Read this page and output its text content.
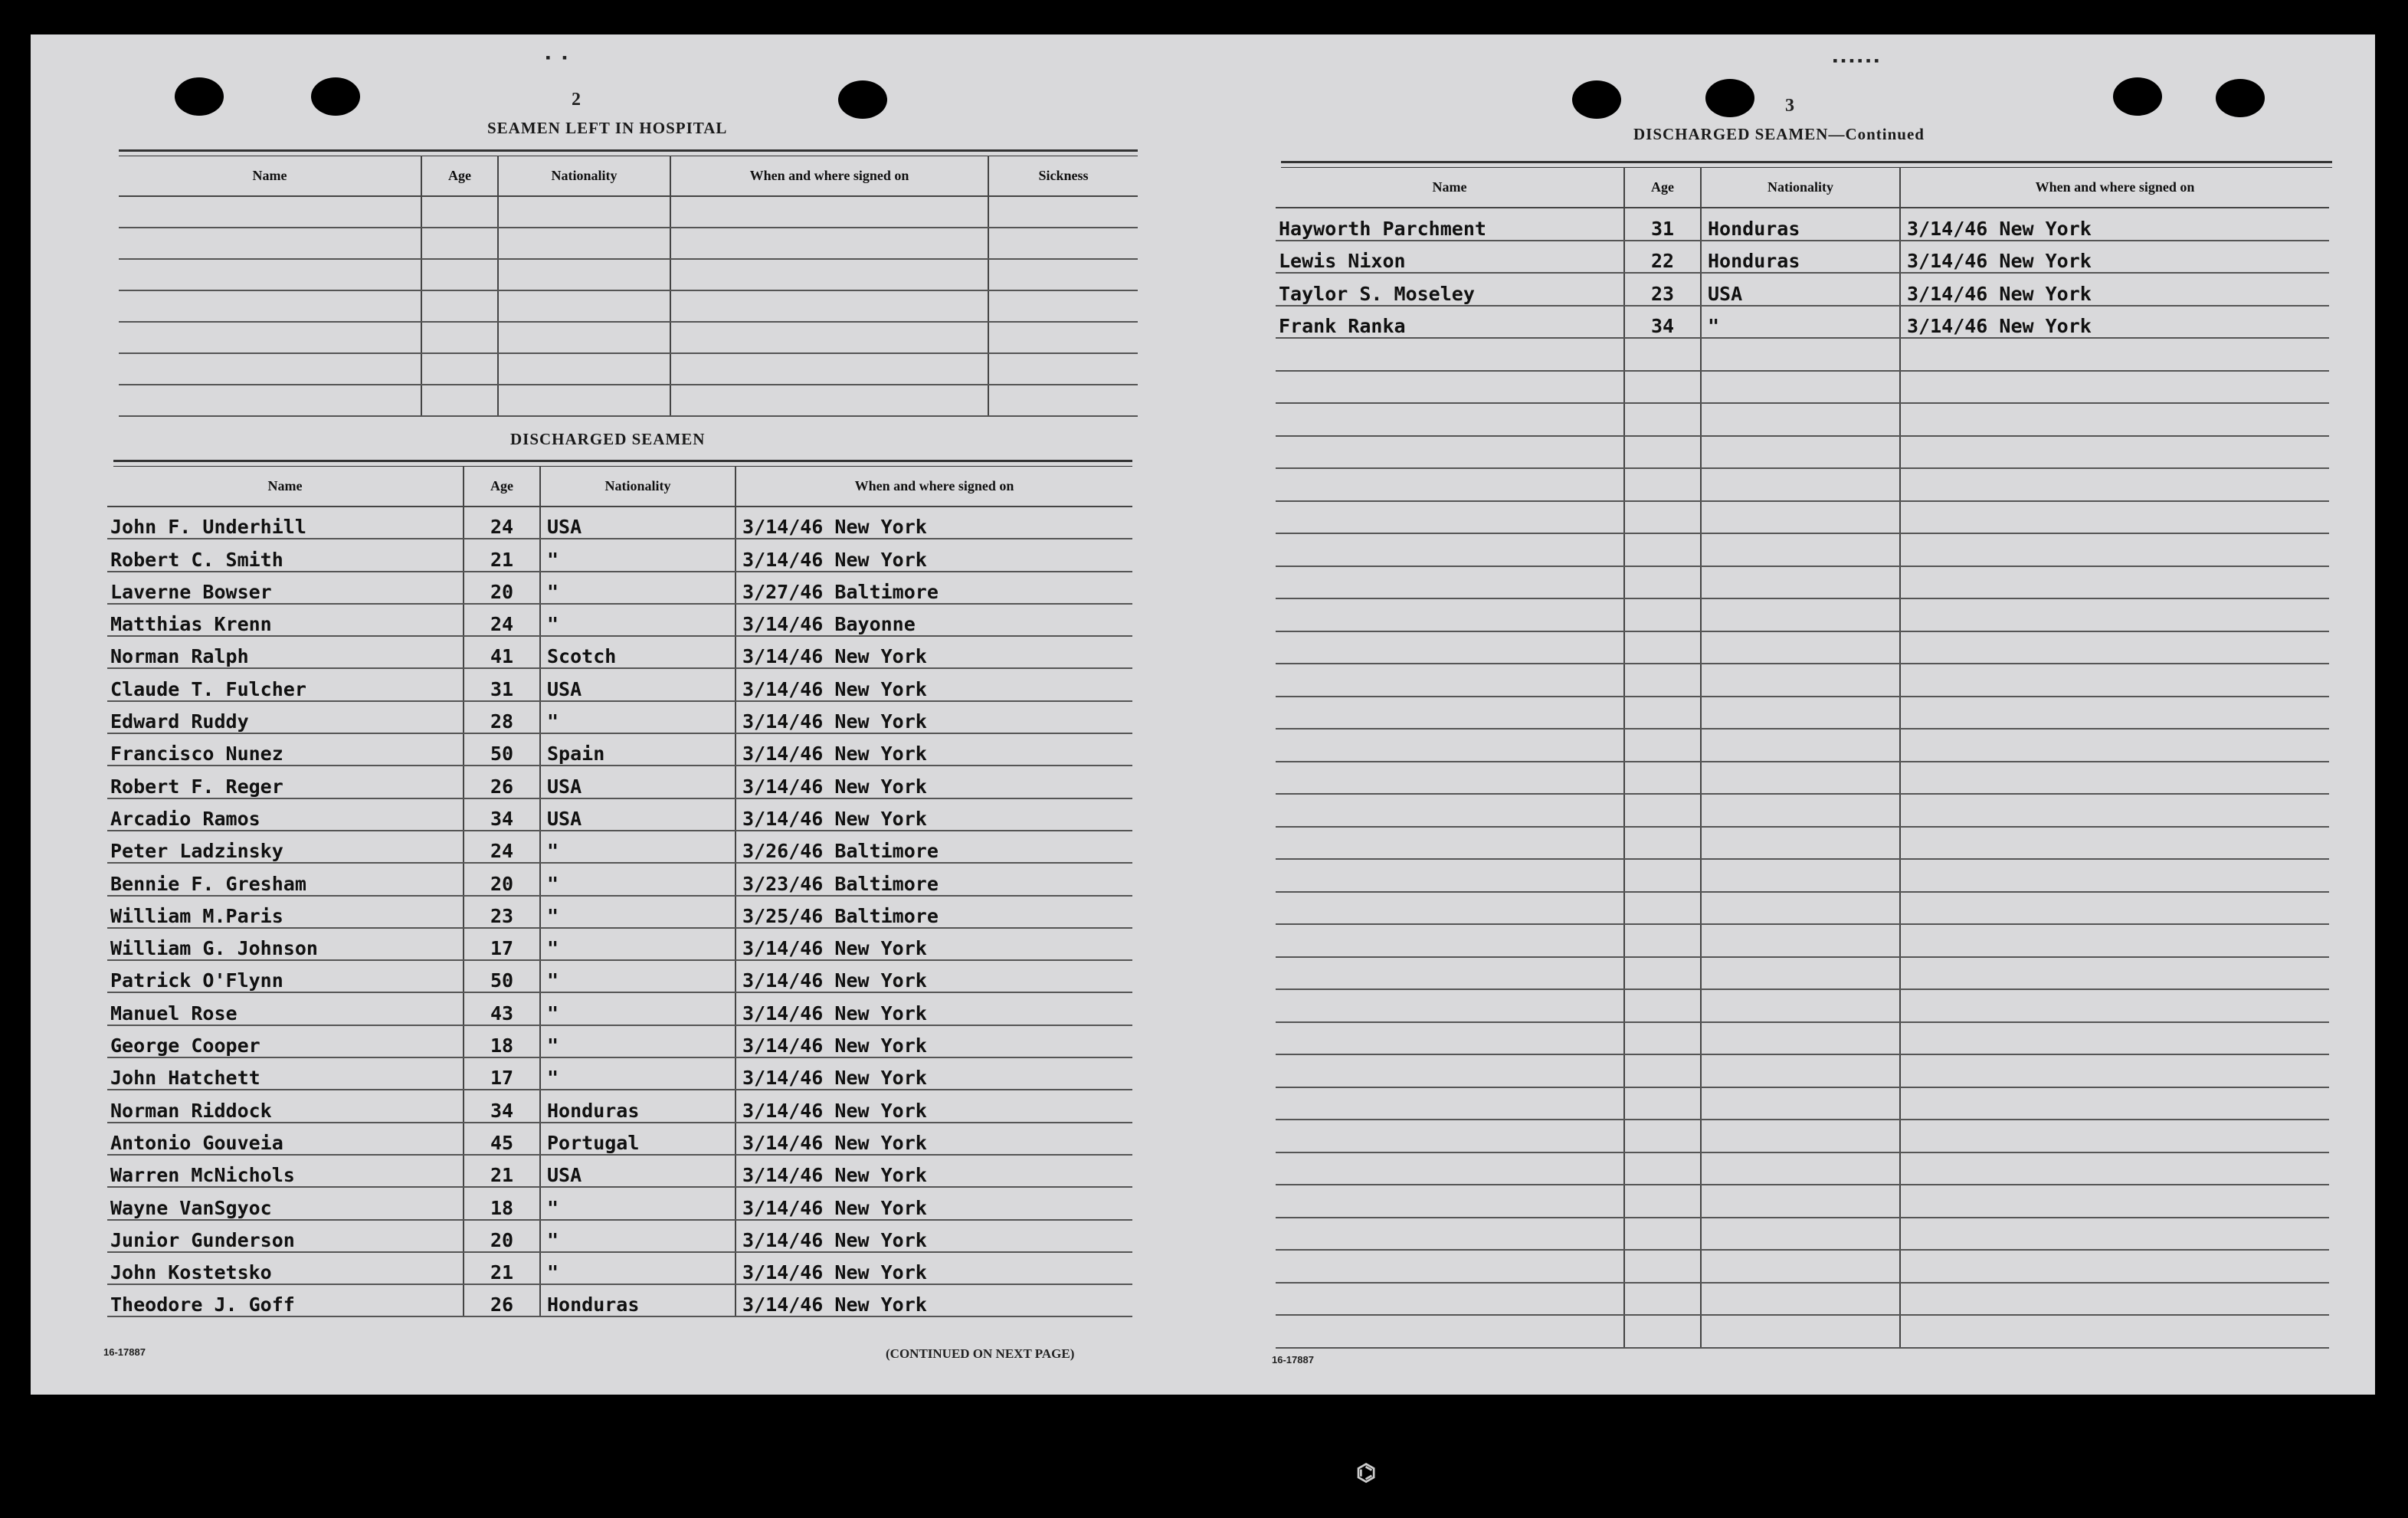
▪ ▪	▪▪▪▪▪▪
2
SEAMEN LEFT IN HOSPITAL
Name	Age	Nationality	When and where signed on	Sickness

DISCHARGED SEAMEN
Name	Age	Nationality	When and where signed on
John F. Underhill	24	USA	3/14/46 New York
Robert C. Smith	21	"	3/14/46 New York
Laverne Bowser	20	"	3/27/46 Baltimore
Matthias Krenn	24	"	3/14/46 Bayonne
Norman Ralph	41	Scotch	3/14/46 New York
Claude T. Fulcher	31	USA	3/14/46 New York
Edward Ruddy	28	"	3/14/46 New York
Francisco Nunez	50	Spain	3/14/46 New York
Robert F. Reger	26	USA	3/14/46 New York
Arcadio Ramos	34	USA	3/14/46 New York
Peter Ladzinsky	24	"	3/26/46 Baltimore
Bennie F. Gresham	20	"	3/23/46 Baltimore
William M.Paris	23	"	3/25/46 Baltimore
William G. Johnson	17	"	3/14/46 New York
Patrick O'Flynn	50	"	3/14/46 New York
Manuel Rose	43	"	3/14/46 New York
George Cooper	18	"	3/14/46 New York
John Hatchett	17	"	3/14/46 New York
Norman Riddock	34	Honduras	3/14/46 New York
Antonio Gouveia	45	Portugal	3/14/46 New York
Warren McNichols	21	USA	3/14/46 New York
Wayne VanSgyoc	18	"	3/14/46 New York
Junior Gunderson	20	"	3/14/46 New York
John Kostetsko	21	"	3/14/46 New York
Theodore J. Goff	26	Honduras	3/14/46 New York
16-17887	(CONTINUED ON NEXT PAGE)
3
DISCHARGED SEAMEN—Continued
Name	Age	Nationality	When and where signed on
Hayworth Parchment	31	Honduras	3/14/46 New York
Lewis Nixon	22	Honduras	3/14/46 New York
Taylor S. Moseley	23	USA	3/14/46 New York
Frank Ranka	34	"	3/14/46 New York

16-17887
⌬
